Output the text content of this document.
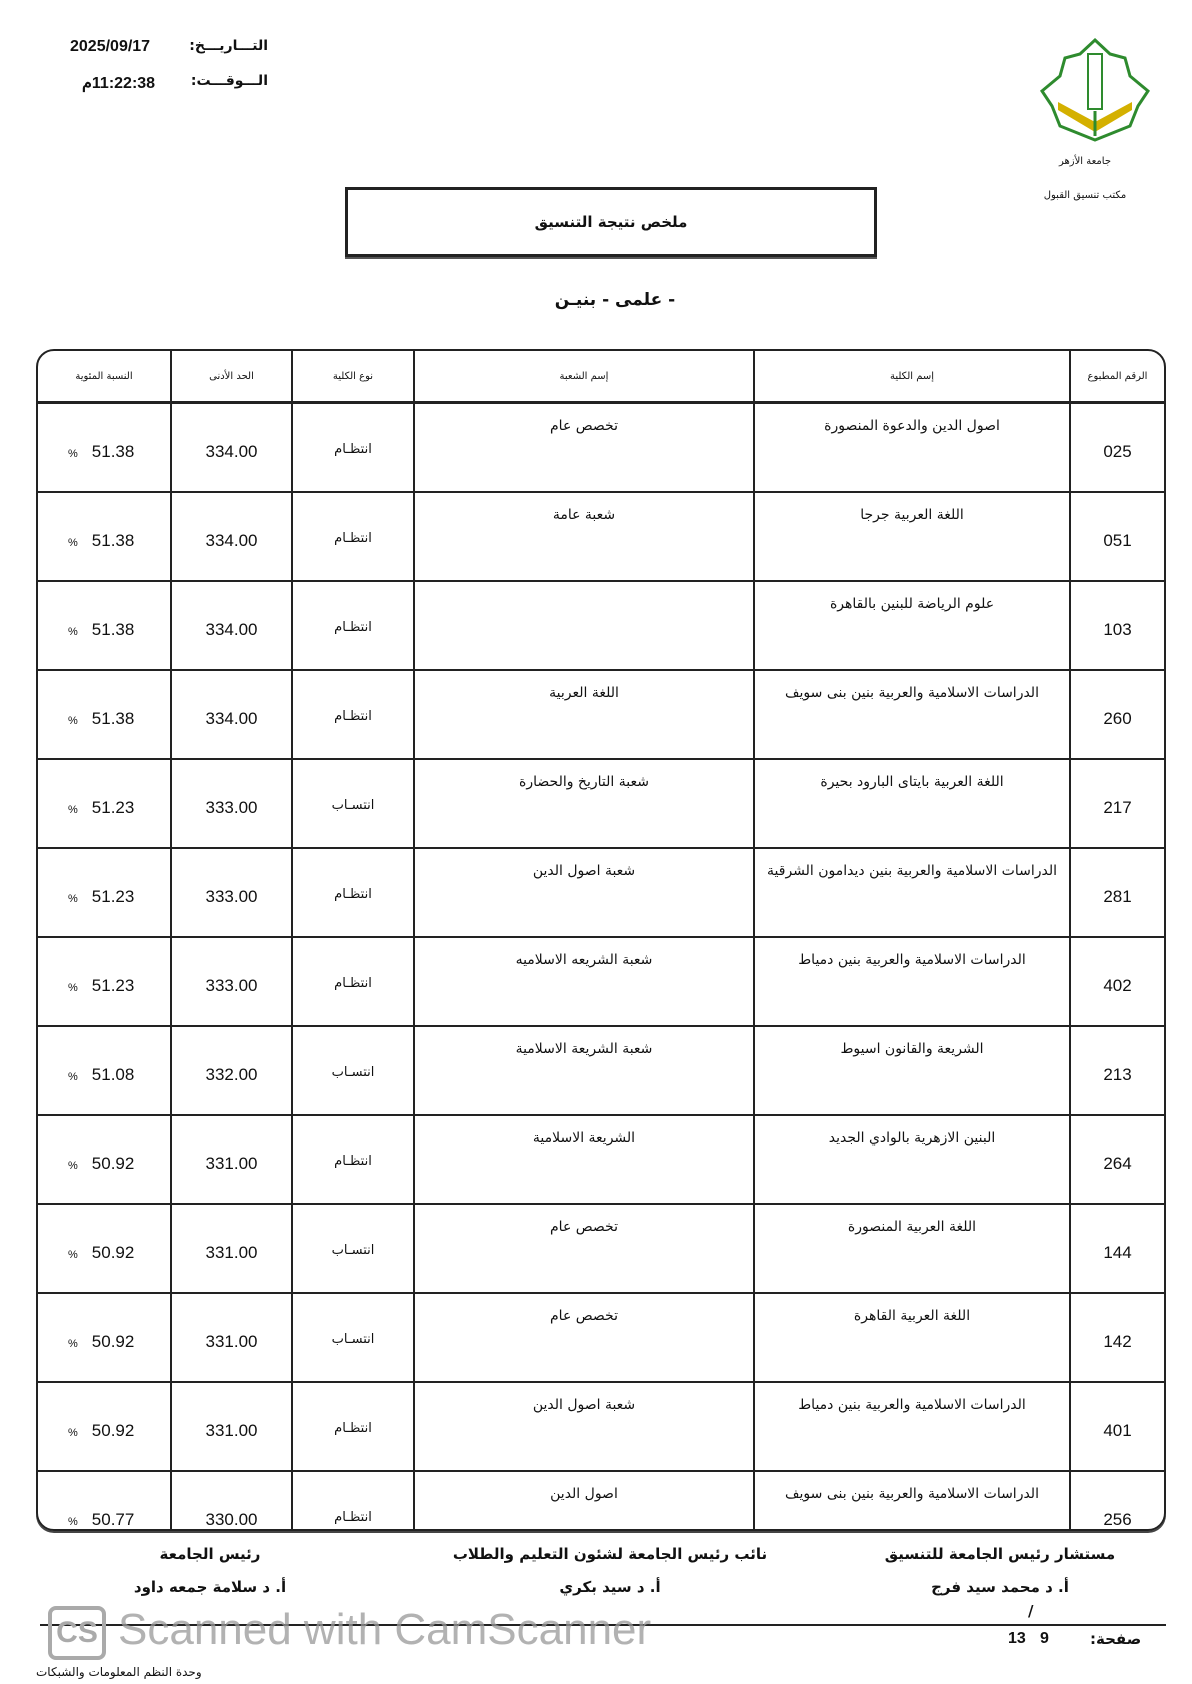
التـــاريـــخ:
2025/09/17
الـــوقـــت:
11:22:38م
جامعة الأزهر
مكتب تنسيق القبول
ملخص نتيجة التنسيق
- علمى - بنيـن
الرقم المطبوع	إسم الكلية	إسم الشعبة	نوع الكلية	الحد الأدنى	النسبة المئوية
025	اصول الدين والدعوة المنصورة	تخصص عام	انتظـام	334.00	% 51.38
051	اللغة العربية جرجا	شعبة عامة	انتظـام	334.00	% 51.38
103	علوم الرياضة للبنين بالقاهرة		انتظـام	334.00	% 51.38
260	الدراسات الاسلامية والعربية بنين بنى سويف	اللغة العربية	انتظـام	334.00	% 51.38
217	اللغة العربية بايتاى البارود بحيرة	شعبة التاريخ والحضارة	انتسـاب	333.00	% 51.23
281	الدراسات الاسلامية والعربية بنين ديدامون الشرقية	شعبة اصول الدين	انتظـام	333.00	% 51.23
402	الدراسات الاسلامية والعربية بنين دمياط	شعبة الشريعه الاسلاميه	انتظـام	333.00	% 51.23
213	الشريعة والقانون اسيوط	شعبة الشريعة الاسلامية	انتسـاب	332.00	% 51.08
264	البنين الازهرية بالوادي الجديد	الشريعة الاسلامية	انتظـام	331.00	% 50.92
144	اللغة العربية المنصورة	تخصص عام	انتسـاب	331.00	% 50.92
142	اللغة العربية القاهرة	تخصص عام	انتسـاب	331.00	% 50.92
401	الدراسات الاسلامية والعربية بنين دمياط	شعبة اصول الدين	انتظـام	331.00	% 50.92
256	الدراسات الاسلامية والعربية بنين بنى سويف	اصول الدين	انتظـام	330.00	% 50.77

مستشار رئيس الجامعة للتنسيق
نائب رئيس الجامعة لشئون التعليم والطلاب
رئيس الجامعة
أ. د محمد سيد فرج
أ. د سيد بكري
أ. د سلامة جمعه داود
/
صفحة:
9
13
وحدة النظم المعلومات والشبكات
CS Scanned with CamScanner
